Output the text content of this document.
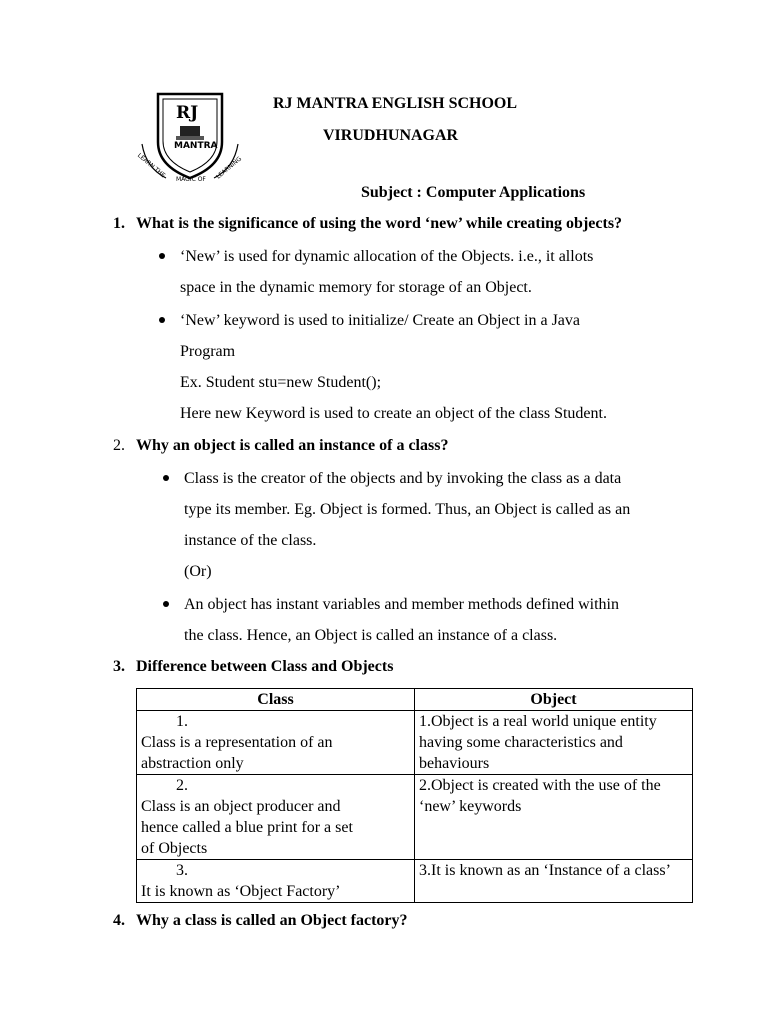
RJ
MANTRA
LEARN THE
MAGIC OF LEARNING
RJ MANTRA ENGLISH SCHOOL
VIRUDHUNAGAR
Subject : Computer Applications
1. What is the significance of using the word ‘new’ while creating objects?
‘New’ is used for dynamic allocation of the Objects. i.e., it allots
space in the dynamic memory for storage of an Object.
‘New’ keyword is used to initialize/ Create an Object in a Java
Program
Ex. Student stu=new Student();
Here new Keyword is used to create an object of the class Student.
2. Why an object is called an instance of a class?
Class is the creator of the objects and by invoking the class as a data
type its member. Eg. Object is formed. Thus, an Object is called as an
instance of the class.
(Or)
An object has instant variables and member methods defined within
the class. Hence, an Object is called an instance of a class.
3. Difference between Class and Objects
Class	Object
1.  Class is a representation of an abstraction only	1.Object is a real world unique entity having some characteristics and behaviours
2.  Class is an object producer and hence called a blue print for a set of Objects	2.Object is created with the use of the ‘new’ keywords
3.  It is known as ‘Object Factory’	3.It is known as an ‘Instance of a class’
4. Why a class is called an Object factory?
